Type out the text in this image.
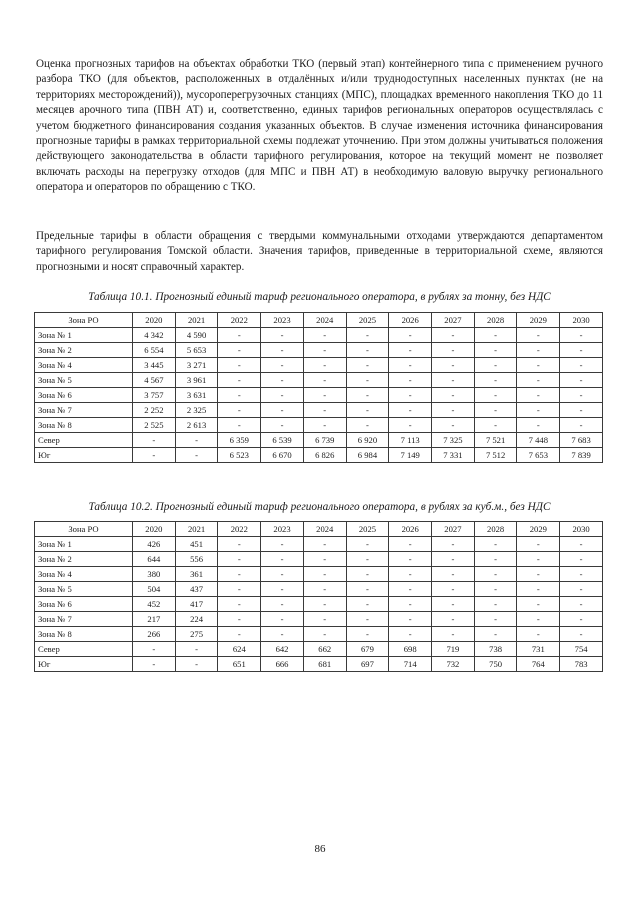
Оценка прогнозных тарифов на объектах обработки ТКО (первый этап) контейнерного типа с применением ручного разбора ТКО (для объектов, расположенных в отдалённых и/или труднодоступных населенных пунктах (не на территориях месторождений)), мусороперегрузочных станциях (МПС), площадках временного накопления ТКО до 11 месяцев арочного типа (ПВН АТ) и, соответственно, единых тарифов региональных операторов осуществлялась с учетом бюджетного финансирования создания указанных объектов. В случае изменения источника финансирования прогнозные тарифы в рамках территориальной схемы подлежат уточнению. При этом должны учитываться положения действующего законодательства в области тарифного регулирования, которое на текущий момент не позволяет включать расходы на перегрузку отходов (для МПС и ПВН АТ) в необходимую валовую выручку регионального оператора и операторов по обращению с ТКО.

Предельные тарифы в области обращения с твердыми коммунальными отходами утверждаются департаментом тарифного регулирования Томской области. Значения тарифов, приведенные в территориальной схеме, являются прогнозными и носят справочный характер.

Таблица 10.1. Прогнозный единый тариф регионального оператора, в рублях за тонну, без НДС

Зона РО	2020	2021	2022	2023	2024	2025	2026	2027	2028	2029	2030
Зона № 1	4 342	4 590	-	-	-	-	-	-	-	-	-
Зона № 2	6 554	5 653	-	-	-	-	-	-	-	-	-
Зона № 4	3 445	3 271	-	-	-	-	-	-	-	-	-
Зона № 5	4 567	3 961	-	-	-	-	-	-	-	-	-
Зона № 6	3 757	3 631	-	-	-	-	-	-	-	-	-
Зона № 7	2 252	2 325	-	-	-	-	-	-	-	-	-
Зона № 8	2 525	2 613	-	-	-	-	-	-	-	-	-
Север	-	-	6 359	6 539	6 739	6 920	7 113	7 325	7 521	7 448	7 683
Юг	-	-	6 523	6 670	6 826	6 984	7 149	7 331	7 512	7 653	7 839

Таблица 10.2. Прогнозный единый тариф регионального оператора, в рублях за куб.м., без НДС

Зона РО	2020	2021	2022	2023	2024	2025	2026	2027	2028	2029	2030
Зона № 1	426	451	-	-	-	-	-	-	-	-	-
Зона № 2	644	556	-	-	-	-	-	-	-	-	-
Зона № 4	380	361	-	-	-	-	-	-	-	-	-
Зона № 5	504	437	-	-	-	-	-	-	-	-	-
Зона № 6	452	417	-	-	-	-	-	-	-	-	-
Зона № 7	217	224	-	-	-	-	-	-	-	-	-
Зона № 8	266	275	-	-	-	-	-	-	-	-	-
Север	-	-	624	642	662	679	698	719	738	731	754
Юг	-	-	651	666	681	697	714	732	750	764	783
86
